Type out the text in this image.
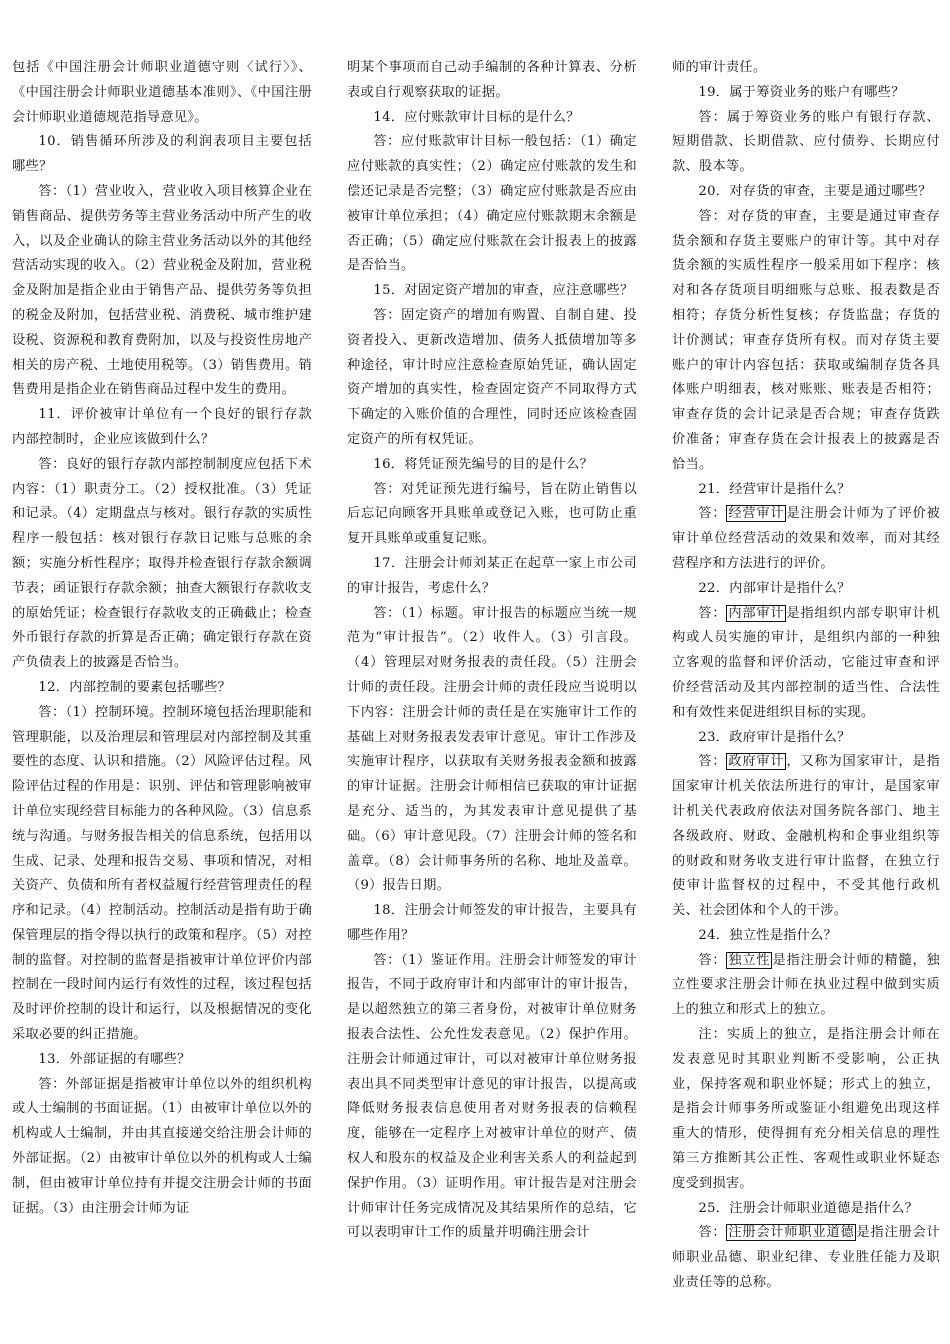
包括《中国注册会计师职业道德守则〈试行〉》、《中国注册会计师职业道德基本准则》、《中国注册会计师职业道德规范指导意见》。

10．销售循环所涉及的利润表项目主要包括哪些？

答：（1）营业收入，营业收入项目核算企业在销售商品、提供劳务等主营业务活动中所产生的收入，以及企业确认的除主营业务活动以外的其他经营活动实现的收入。（2）营业税金及附加，营业税金及附加是指企业由于销售产品、提供劳务等负担的税金及附加，包括营业税、消费税、城市维护建设税、资源税和教育费附加，以及与投资性房地产相关的房产税、土地使用税等。（3）销售费用。销售费用是指企业在销售商品过程中发生的费用。

11．评价被审计单位有一个良好的银行存款内部控制时，企业应该做到什么？

答：良好的银行存款内部控制制度应包括下术内容：（1）职责分工。（2）授权批准。（3）凭证和记录。（4）定期盘点与核对。银行存款的实质性程序一般包括：核对银行存款日记账与总账的余额；实施分析性程序；取得并检查银行存款余额调节表；函证银行存款余额；抽查大额银行存款收支的原始凭证；检查银行存款收支的正确截止；检查外币银行存款的折算是否正确；确定银行存款在资产负债表上的披露是否恰当。

12．内部控制的要素包括哪些？

答：（1）控制环境。控制环境包括治理职能和管理职能，以及治理层和管理层对内部控制及其重要性的态度、认识和措施。（2）风险评估过程。风险评估过程的作用是：识别、评估和管理影响被审计单位实现经营目标能力的各种风险。（3）信息系统与沟通。与财务报告相关的信息系统，包括用以生成、记录、处理和报告交易、事项和情况，对相关资产、负债和所有者权益履行经营管理责任的程序和记录。（4）控制活动。控制活动是指有助于确保管理层的指令得以执行的政策和程序。（5）对控制的监督。对控制的监督是指被审计单位评价内部控制在一段时间内运行有效性的过程，该过程包括及时评价控制的设计和运行，以及根据情况的变化采取必要的纠正措施。

13．外部证据的有哪些？

答：外部证据是指被审计单位以外的组织机构或人士编制的书面证据。（1）由被审计单位以外的机构或人士编制，并由其直接递交给注册会计师的外部证据。（2）由被审计单位以外的机构或人士编制，但由被审计单位持有并提交注册会计师的书面证据。（3）由注册会计师为证

明某个事项而自己动手编制的各种计算表、分析表或自行观察获取的证据。

14．应付账款审计目标的是什么？

答：应付账款审计目标一般包括：（1）确定应付账款的真实性；（2）确定应付账款的发生和偿还记录是否完整；（3）确定应付账款是否应由被审计单位承担；（4）确定应付账款期末余额是否正确；（5）确定应付账款在会计报表上的披露是否恰当。

15．对固定资产增加的审查，应注意哪些？

答：固定资产的增加有购置、自制自建、投资者投入、更新改造增加、债务人抵债增加等多种途径，审计时应注意检查原始凭证，确认固定资产增加的真实性，检查固定资产不同取得方式下确定的入账价值的合理性，同时还应该检查固定资产的所有权凭证。

16．将凭证预先编号的目的是什么？

答：对凭证预先进行编号，旨在防止销售以后忘记向顾客开具账单或登记入账，也可防止重复开具账单或重复记账。

17．注册会计师刘某正在起草一家上市公司的审计报告，考虑什么？

答：（1）标题。审计报告的标题应当统一规范为“审计报告”。（2）收件人。（3）引言段。（4）管理层对财务报表的责任段。（5）注册会计师的责任段。注册会计师的责任段应当说明以下内容：注册会计师的责任是在实施审计工作的基础上对财务报表发表审计意见。审计工作涉及实施审计程序，以获取有关财务报表金额和披露的审计证据。注册会计师相信已获取的审计证据是充分、适当的，为其发表审计意见提供了基础。（6）审计意见段。（7）注册会计师的签名和盖章。（8）会计师事务所的名称、地址及盖章。（9）报告日期。

18．注册会计师签发的审计报告，主要具有哪些作用？

答：（1）鉴证作用。注册会计师签发的审计报告，不同于政府审计和内部审计的审计报告，是以超然独立的第三者身份，对被审计单位财务报表合法性、公允性发表意见。（2）保护作用。注册会计师通过审计，可以对被审计单位财务报表出具不同类型审计意见的审计报告，以提高或降低财务报表信息使用者对财务报表的信赖程度，能够在一定程序上对被审计单位的财产、债权人和股东的权益及企业利害关系人的利益起到保护作用。（3）证明作用。审计报告是对注册会计师审计任务完成情况及其结果所作的总结，它可以表明审计工作的质量并明确注册会计

师的审计责任。

19．属于筹资业务的账户有哪些？

答：属于筹资业务的账户有银行存款、短期借款、长期借款、应付债券、长期应付款、股本等。

20．对存货的审查，主要是通过哪些？

答：对存货的审查，主要是通过审查存货余额和存货主要账户的审计等。其中对存货余额的实质性程序一般采用如下程序：核对和各存货项目明细账与总账、报表数是否相符；存货分析性复核；存货监盘；存货的计价测试；审查存货所有权。而对存货主要账户的审计内容包括：获取或编制存货各具体账户明细表，核对账账、账表是否相符；审查存货的会计记录是否合规；审查存货跌价准备；审查存货在会计报表上的披露是否恰当。

21．经营审计是指什么？

答： 经营审计 是注册会计师为了评价被审计单位经营活动的效果和效率，而对其经营程序和方法进行的评价。

22．内部审计是指什么？

答： 内部审计 是指组织内部专职审计机构或人员实施的审计，是组织内部的一种独立客观的监督和评价活动，它能过审查和评价经营活动及其内部控制的适当性、合法性和有效性来促进组织目标的实现。

23．政府审计是指什么？

答： 政府审计 ，又称为国家审计，是指国家审计机关依法所进行的审计，是国家审计机关代表政府依法对国务院各部门、地主各级政府、财政、金融机构和企事业组织等的财政和财务收支进行审计监督，在独立行使审计监督权的过程中，不受其他行政机关、社会团体和个人的干涉。

24．独立性是指什么？

答： 独立性 是指注册会计师的精髓，独立性要求注册会计师在执业过程中做到实质上的独立和形式上的独立。

注：实质上的独立，是指注册会计师在发表意见时其职业判断不受影响，公正执业，保持客观和职业怀疑；形式上的独立，是指会计师事务所或鉴证小组避免出现这样重大的情形，使得拥有充分相关信息的理性第三方推断其公正性、客观性或职业怀疑态度受到损害。

25．注册会计师职业道德是指什么？

答： 注册会计师职业道德 是指注册会计师职业品德、职业纪律、专业胜任能力及职业责任等的总称。
